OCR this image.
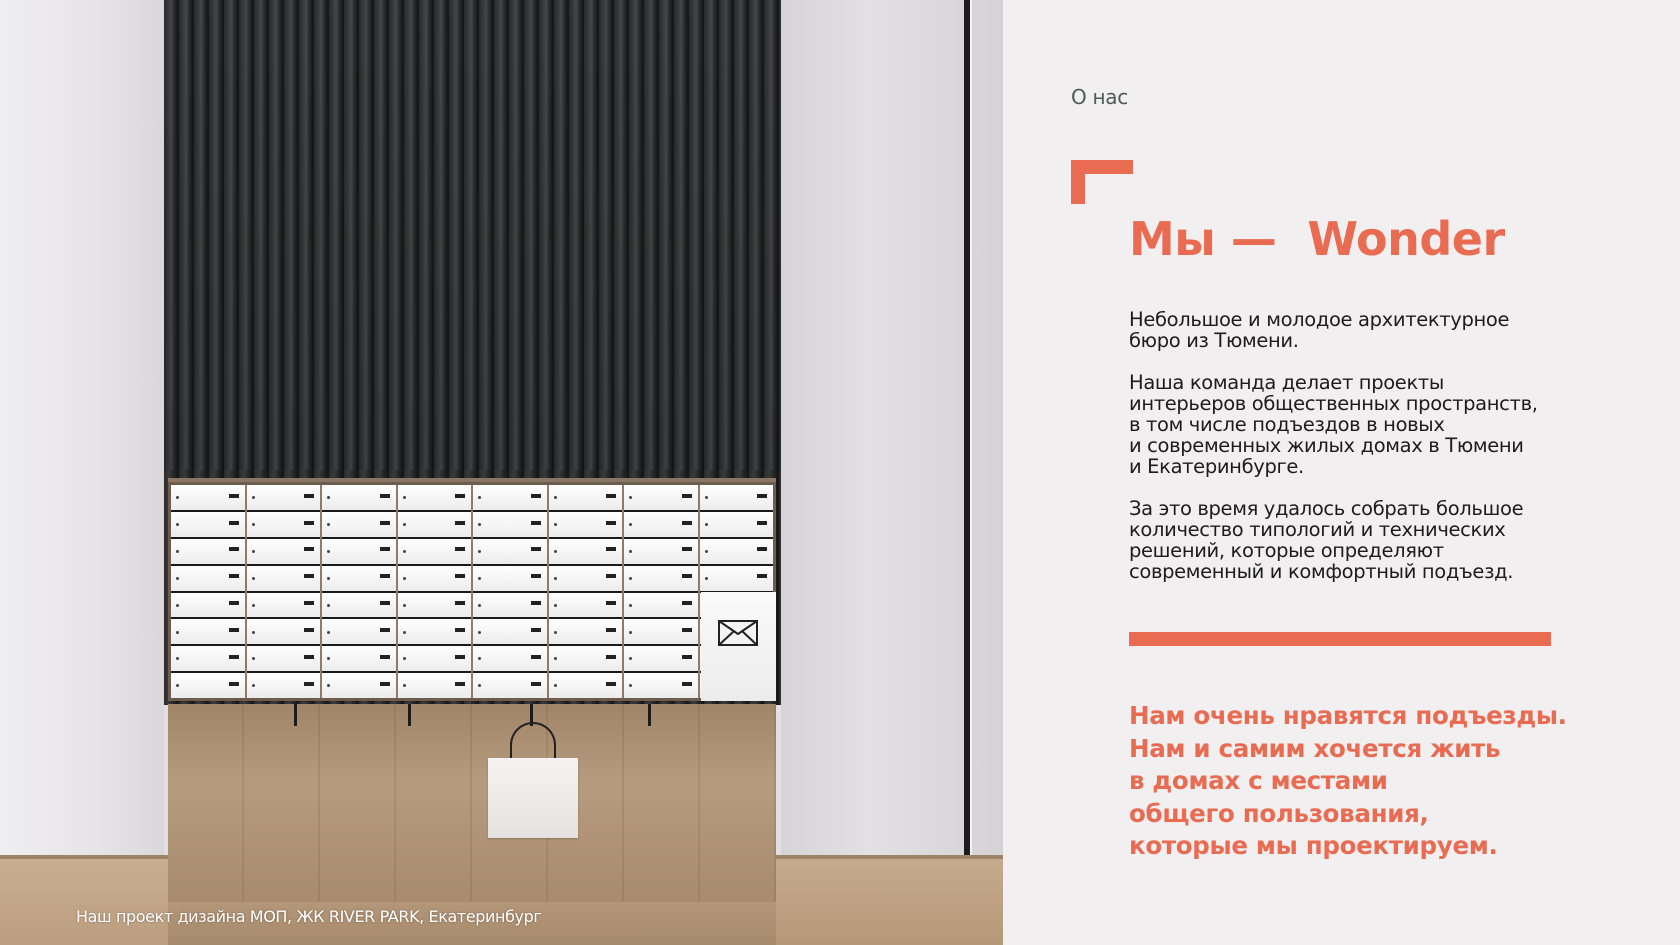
Наш проект дизайна МОП, ЖК RIVER PARK, Екатеринбург
О нас
Мы —  Wonder

Небольшое и молодое архитектурное
бюро из Тюмени.

Наша команда делает проекты
интерьеров общественных пространств,
в том числе подъездов в новых
и современных жилых домах в Тюмени
и Екатеринбурге.

За это время удалось собрать большое
количество типологий и технических
решений, которые определяют
современный и комфортный подъезд.

Нам очень нравятся подъезды.

Нам и самим хочется жить

в домах с местами

общего пользования,

которые мы проектируем.
